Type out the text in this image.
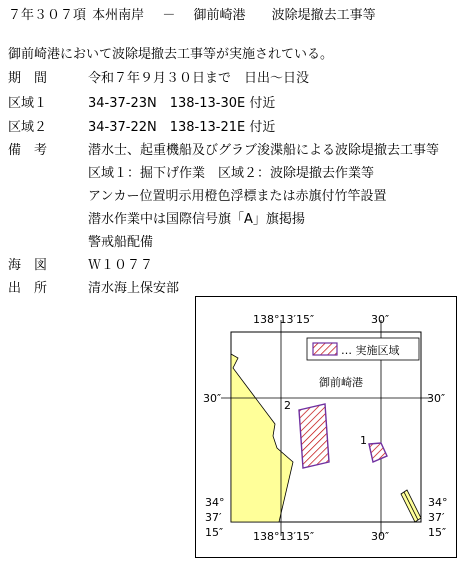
７年３０７項 本州南岸 － 御前崎港 波除堤撤去工事等
御前崎港において波除堤撤去工事等が実施されている。
期　間	令和７年９月３０日まで　日出～日没
区域１	34-37-23N　138-13-30E 付近
区域２	34-37-22N　138-13-21E 付近
備　考	潜水士、起重機船及びグラブ浚渫船による波除堤撤去工事等
区域１：掘下げ作業　区域２：波除堤撤去作業等
アンカー位置明示用橙色浮標または赤旗付竹竿設置
潜水作業中は国際信号旗「A」旗掲揚
警戒船配備
海　図	Ｗ１０７７
出　所	清水海上保安部
… 実施区域
御前崎港
1
2
138°13′15″	30″
138°13′15″	30″
30″	30″
34°
37′
15″
34°
37′
15″
